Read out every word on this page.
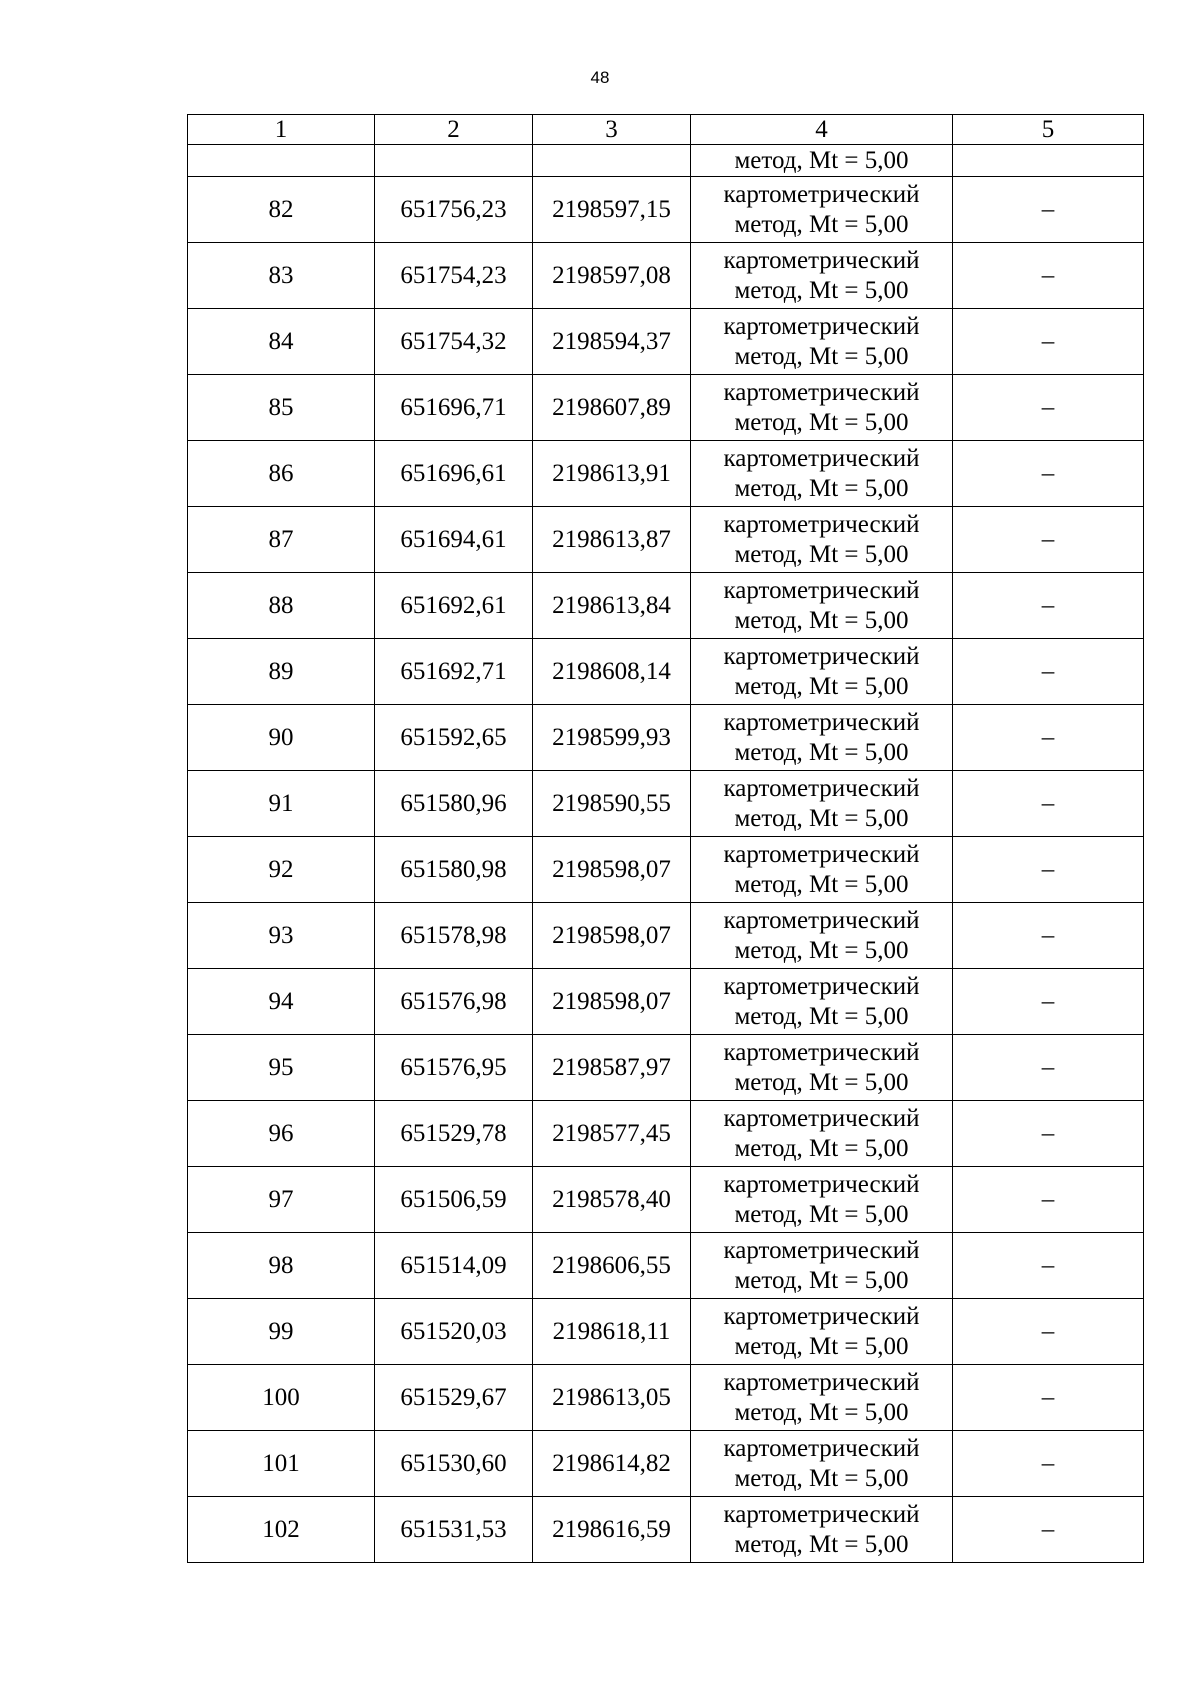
48
1	2	3	4	5
			метод, Mt = 5,00	
82	651756,23	2198597,15	картометрический
метод, Mt = 5,00	–
83	651754,23	2198597,08	картометрический
метод, Mt = 5,00	–
84	651754,32	2198594,37	картометрический
метод, Mt = 5,00	–
85	651696,71	2198607,89	картометрический
метод, Mt = 5,00	–
86	651696,61	2198613,91	картометрический
метод, Mt = 5,00	–
87	651694,61	2198613,87	картометрический
метод, Mt = 5,00	–
88	651692,61	2198613,84	картометрический
метод, Mt = 5,00	–
89	651692,71	2198608,14	картометрический
метод, Mt = 5,00	–
90	651592,65	2198599,93	картометрический
метод, Mt = 5,00	–
91	651580,96	2198590,55	картометрический
метод, Mt = 5,00	–
92	651580,98	2198598,07	картометрический
метод, Mt = 5,00	–
93	651578,98	2198598,07	картометрический
метод, Mt = 5,00	–
94	651576,98	2198598,07	картометрический
метод, Mt = 5,00	–
95	651576,95	2198587,97	картометрический
метод, Mt = 5,00	–
96	651529,78	2198577,45	картометрический
метод, Mt = 5,00	–
97	651506,59	2198578,40	картометрический
метод, Mt = 5,00	–
98	651514,09	2198606,55	картометрический
метод, Mt = 5,00	–
99	651520,03	2198618,11	картометрический
метод, Mt = 5,00	–
100	651529,67	2198613,05	картометрический
метод, Mt = 5,00	–
101	651530,60	2198614,82	картометрический
метод, Mt = 5,00	–
102	651531,53	2198616,59	картометрический
метод, Mt = 5,00	–
